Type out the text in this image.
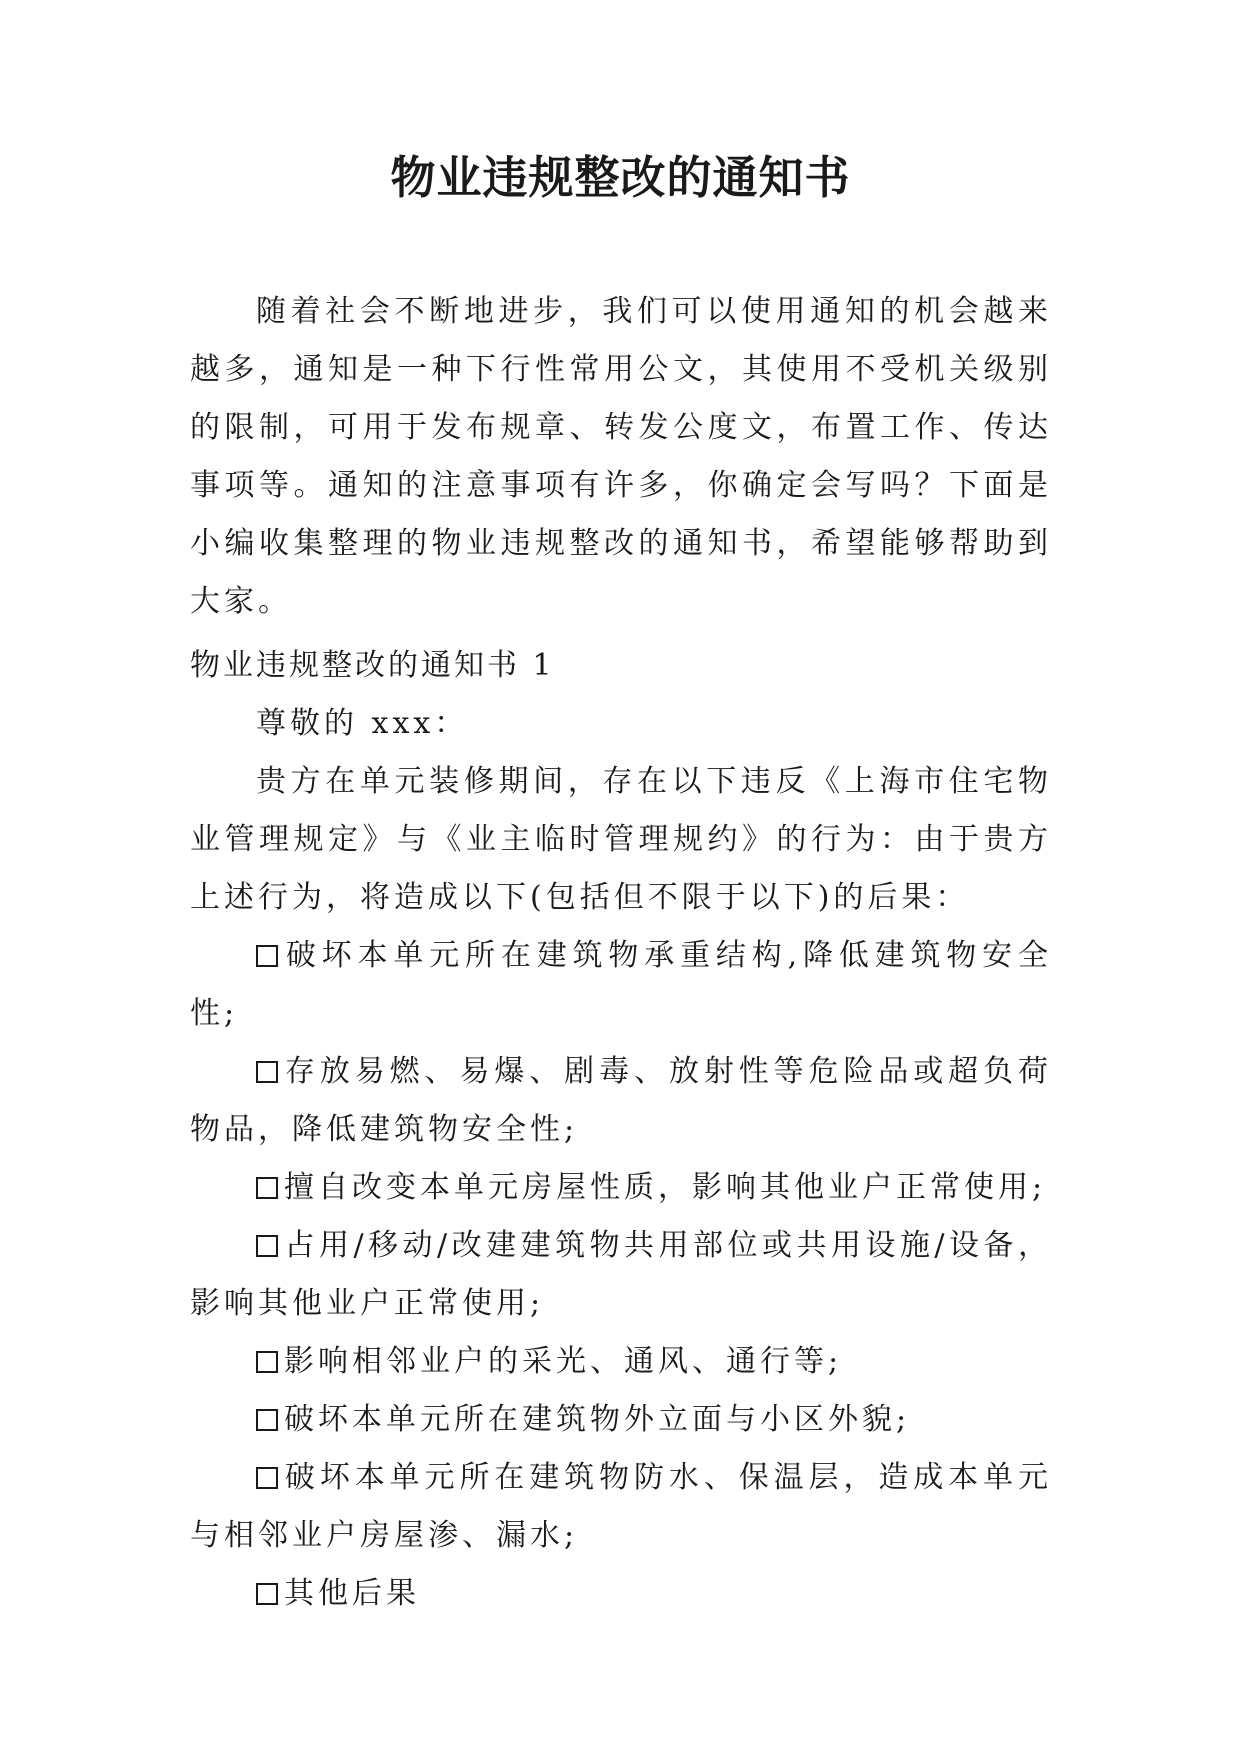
物业违规整改的通知书
随着社会不断地进步，我们可以使用通知的机会越来越多，通知是一种下行性常用公文，其使用不受机关级别的限制，可用于发布规章、转发公度文，布置工作、传达事项等。通知的注意事项有许多，你确定会写吗？下面是小编收集整理的物业违规整改的通知书，希望能够帮助到大家。
物业违规整改的通知书 1

尊敬的 xxx：

贵方在单元装修期间，存在以下违反《上海市住宅物业管理规定》与《业主临时管理规约》的行为：由于贵方上述行为，将造成以下(包括但不限于以下)的后果：

破坏本单元所在建筑物承重结构,降低建筑物安全性;

存放易燃、易爆、剧毒、放射性等危险品或超负荷物品，降低建筑物安全性;

擅自改变本单元房屋性质，影响其他业户正常使用;

占用/移动/改建建筑物共用部位或共用设施/设备，影响其他业户正常使用;

影响相邻业户的采光、通风、通行等;

破坏本单元所在建筑物外立面与小区外貌;

破坏本单元所在建筑物防水、保温层，造成本单元与相邻业户房屋渗、漏水;

其他后果
